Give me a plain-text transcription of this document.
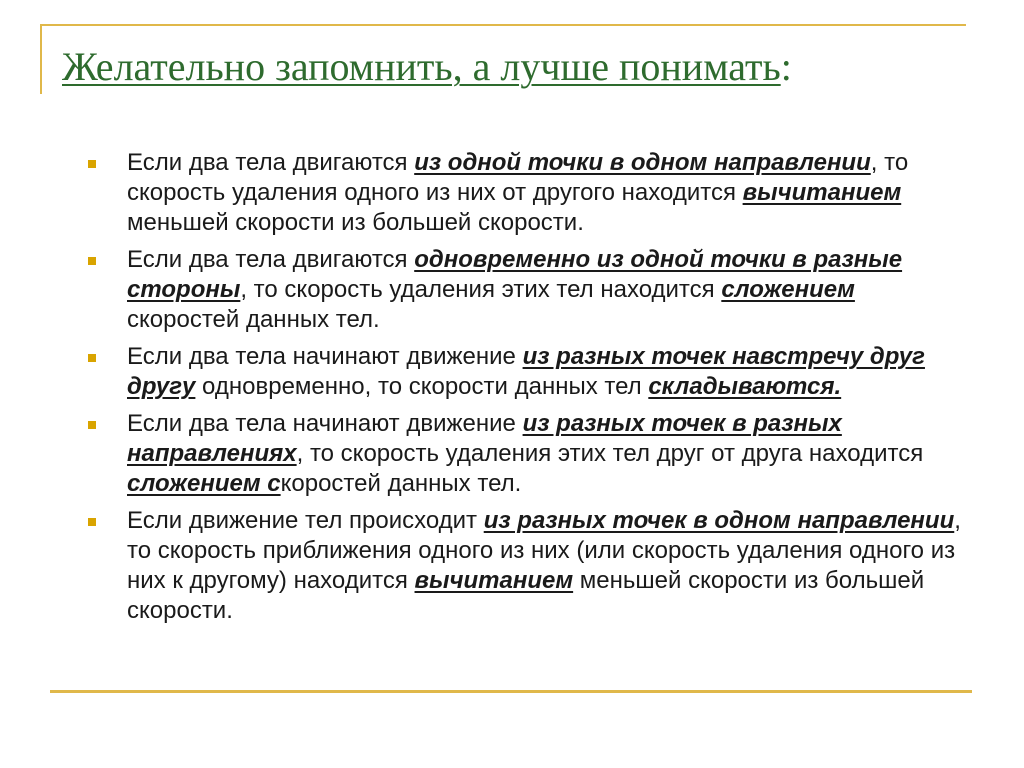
Желательно запомнить, а лучше понимать:
Если два тела двигаются из одной точки в одном направлении, то скорость удаления одного из них от другого находится вычитанием меньшей скорости из большей скорости.
Если два тела двигаются одновременно из одной точки в разные стороны, то скорость удаления этих тел находится сложением скоростей данных тел.
Если два тела начинают движение из разных точек навстречу друг другу одновременно, то скорости данных тел складываются.
Если два тела начинают движение из разных точек в разных направлениях, то скорость удаления этих тел друг от друга находится сложением скоростей данных тел.
Если движение тел происходит из разных точек в одном направлении, то скорость приближения одного из них (или скорость удаления одного из них к другому) находится вычитанием меньшей скорости из большей скорости.
